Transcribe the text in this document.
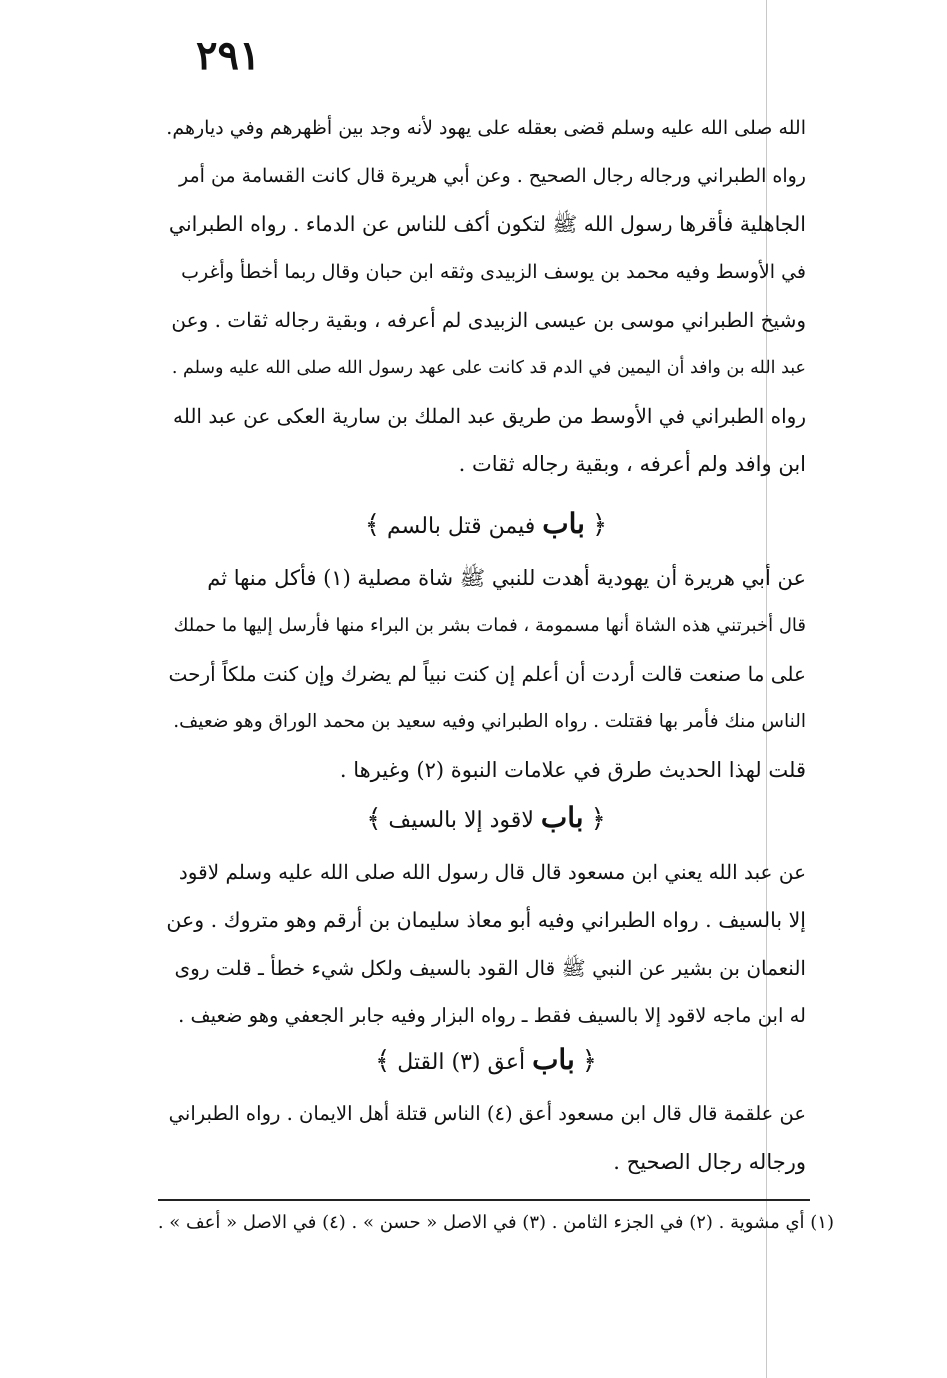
٢٩١
الله صلى الله عليه وسلم قضى بعقله على يهود لأنه وجد بين أظهرهم وفي ديارهم.
رواه الطبراني ورجاله رجال الصحيح . وعن أبي هريرة قال كانت القسامة من أمر
الجاهلية فأقرها رسول الله ﷺ لتكون أكف للناس عن الدماء . رواه الطبراني
في الأوسط وفيه محمد بن يوسف الزبيدى وثقه ابن حبان وقال ربما أخطأ وأغرب
وشيخ الطبراني موسى بن عيسى الزبيدى لم أعرفه ، وبقية رجاله ثقات . وعن
عبد الله بن وافد أن اليمين في الدم قد كانت على عهد رسول الله صلى الله عليه وسلم .
رواه الطبراني في الأوسط من طريق عبد الملك بن سارية العكى عن عبد الله
ابن وافد ولم أعرفه ، وبقية رجاله ثقات .
﴿ باب فيمن قتل بالسم ﴾
عن أبي هريرة أن يهودية أهدت للنبي ﷺ شاة مصلية (١) فأكل منها ثم
قال أخبرتني هذه الشاة أنها مسمومة ، فمات بشر بن البراء منها فأرسل إليها ما حملك
على ما صنعت قالت أردت أن أعلم إن كنت نبياً لم يضرك وإن كنت ملكاً أرحت
الناس منك فأمر بها فقتلت . رواه الطبراني وفيه سعيد بن محمد الوراق وهو ضعيف.
قلت لهذا الحديث طرق في علامات النبوة (٢) وغيرها .
﴿ باب لاقود إلا بالسيف ﴾
عن عبد الله يعني ابن مسعود قال قال رسول الله صلى الله عليه وسلم لاقود
إلا بالسيف . رواه الطبراني وفيه أبو معاذ سليمان بن أرقم وهو متروك . وعن
النعمان بن بشير عن النبي ﷺ قال القود بالسيف ولكل شيء خطأ ـ قلت روى
له ابن ماجه لاقود إلا بالسيف فقط ـ رواه البزار وفيه جابر الجعفي وهو ضعيف .
﴿ باب أعق (٣) القتل ﴾
عن علقمة قال قال ابن مسعود أعق (٤) الناس قتلة أهل الايمان . رواه الطبراني
ورجاله رجال الصحيح .
(١) أي مشوية . (٢) في الجزء الثامن . (٣) في الاصل « حسن » . (٤) في الاصل « أعف » .
